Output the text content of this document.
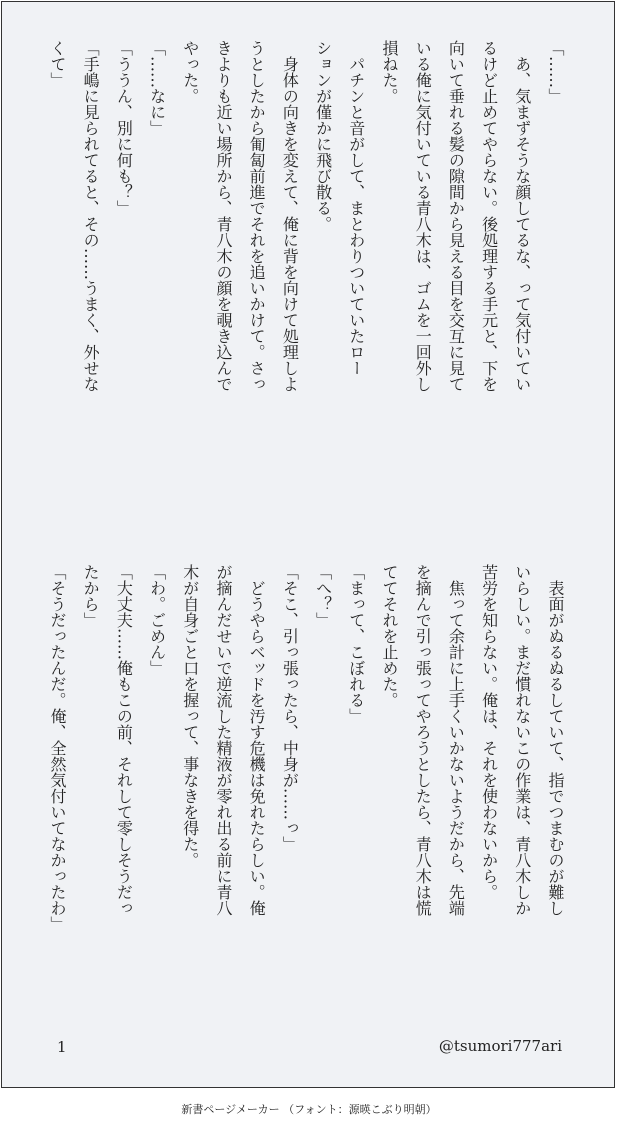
「……」

　あ、気まずそうな顔してるな、って気付いてい

るけど止めてやらない。後処理する手元と、下を

向いて垂れる髪の隙間から見える目を交互に見て

いる俺に気付いている青八木は、ゴムを一回外し

損ねた。

　パチンと音がして、まとわりついていたロー

ションが僅かに飛び散る。

　身体の向きを変えて、俺に背を向けて処理しよ

うとしたから匍匐前進でそれを追いかけて。さっ

きよりも近い場所から、青八木の顔を覗き込んで

やった。

「……なに」

「ううん、別に何も？」

「手嶋に見られてると、その……うまく、外せな

くて」

　表面がぬるぬるしていて、指でつまむのが難し

いらしい。まだ慣れないこの作業は、青八木しか

苦労を知らない。俺は、それを使わないから。

　焦って余計に上手くいかないようだから、先端

を摘んで引っ張ってやろうとしたら、青八木は慌

ててそれを止めた。

「まって、こぼれる」

「へ？」

「そこ、引っ張ったら、中身が……っ」

　どうやらベッドを汚す危機は免れたらしい。俺

が摘んだせいで逆流した精液が零れ出る前に青八

木が自身ごと口を握って、事なきを得た。

「わ。ごめん」

「大丈夫……俺もこの前、それして零しそうだっ

たから」

「そうだったんだ。俺、全然気付いてなかったわ」

1	@tsumori777ari
新書ページメーカー （フォント：源暎こぶり明朝）
